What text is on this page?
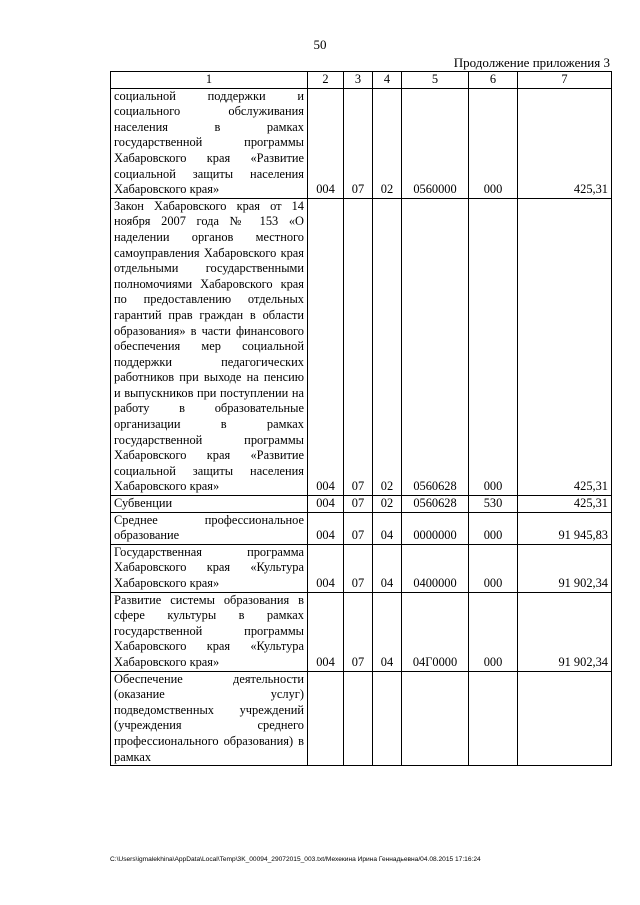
50
Продолжение приложения 3
1	2	3	4	5	6	7
социальной поддержки и социального обслуживания населения в рамках государственной программы Хабаровского края «Развитие социальной защиты населения Хабаровского края»	004	07	02	0560000	000	425,31
Закон Хабаровского края от 14 ноября 2007 года № 153 «О наделении органов местного самоуправления Хабаровского края отдельными государственными полномочиями Хабаровского края по предоставлению отдельных гарантий прав граждан в области образования» в части финансового обеспечения мер социальной поддержки педагогических работников при выходе на пенсию и выпускников при поступлении на работу в образовательные организации в рамках государственной программы Хабаровского края «Развитие социальной защиты населения Хабаровского края»	004	07	02	0560628	000	425,31
Субвенции	004	07	02	0560628	530	425,31
Среднее профессиональное образование	004	07	04	0000000	000	91 945,83
Государственная программа Хабаровского края «Культура Хабаровского края»	004	07	04	0400000	000	91 902,34
Развитие системы образования в сфере культуры в рамках государственной программы Хабаровского края «Культура Хабаровского края»	004	07	04	04Г0000	000	91 902,34
Обеспечение деятельности (оказание услуг) подведомственных учреждений (учреждения среднего профессионального образования) в рамках						
C:\Users\igmalekhina\AppData\Local\Temp\3K_00094_29072015_003.txt/Мехекина Ирина Геннадьевна/04.08.2015 17:16:24
